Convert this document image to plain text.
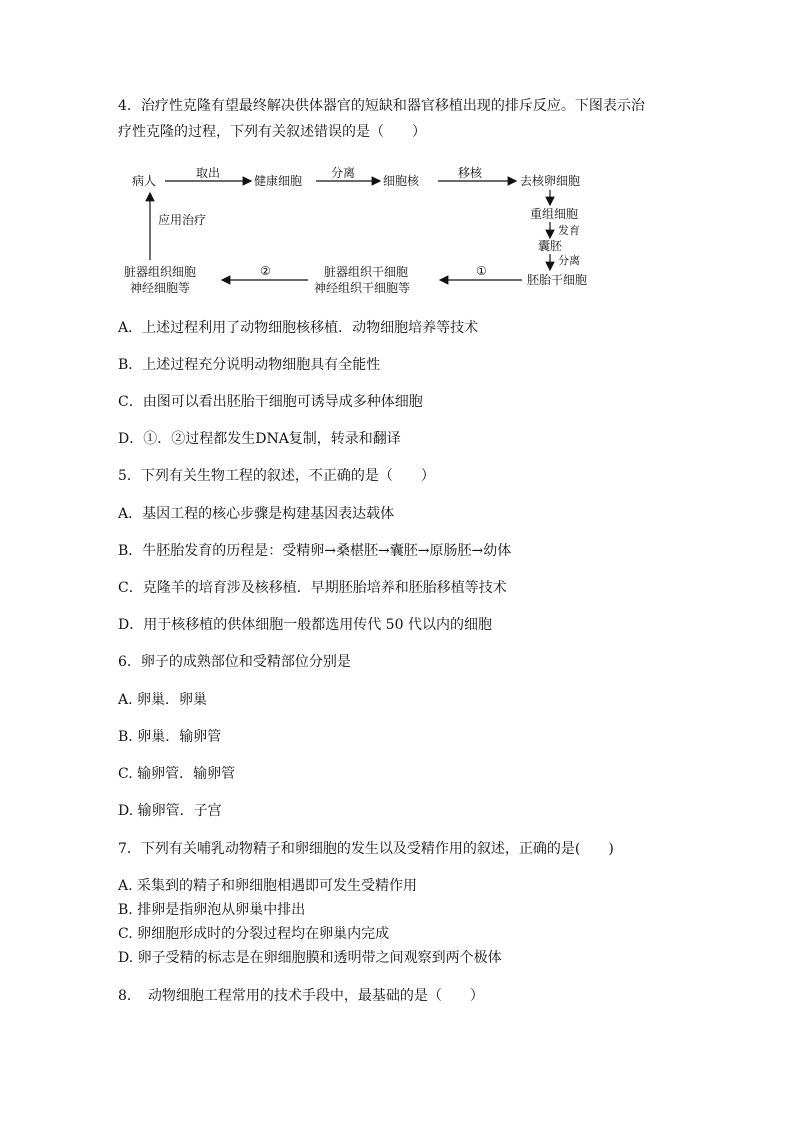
4．治疗性克隆有望最终解决供体器官的短缺和器官移植出现的排斥反应。下图表示治
疗性克隆的过程，下列有关叙述错误的是（　　）
病人
取出
健康细胞
分离
细胞核
移核
去核卵细胞
重组细胞
发育
囊胚
分离
胚胎干细胞
①
脏器组织干细胞
神经组织干细胞等
②
脏器组织细胞
神经细胞等
应用治疗
A．上述过程利用了动物细胞核移植．动物细胞培养等技术
B．上述过程充分说明动物细胞具有全能性
C．由图可以看出胚胎干细胞可诱导成多种体细胞
D．①．②过程都发生DNA复制，转录和翻译
5．下列有关生物工程的叙述，不正确的是（　　）
A．基因工程的核心步骤是构建基因表达载体
B．牛胚胎发育的历程是：受精卵→桑椹胚→囊胚→原肠胚→幼体
C．克隆羊的培育涉及核移植．早期胚胎培养和胚胎移植等技术
D．用于核移植的供体细胞一般都选用传代 50 代以内的细胞
6．卵子的成熟部位和受精部位分别是
A. 卵巢．卵巢
B. 卵巢．输卵管
C. 输卵管．输卵管
D. 输卵管．子宫
7．下列有关哺乳动物精子和卵细胞的发生以及受精作用的叙述，正确的是(　　)
A. 采集到的精子和卵细胞相遇即可发生受精作用
B. 排卵是指卵泡从卵巢中排出
C. 卵细胞形成时的分裂过程均在卵巢内完成
D. 卵子受精的标志是在卵细胞膜和透明带之间观察到两个极体
8．　动物细胞工程常用的技术手段中，最基础的是（　　）
